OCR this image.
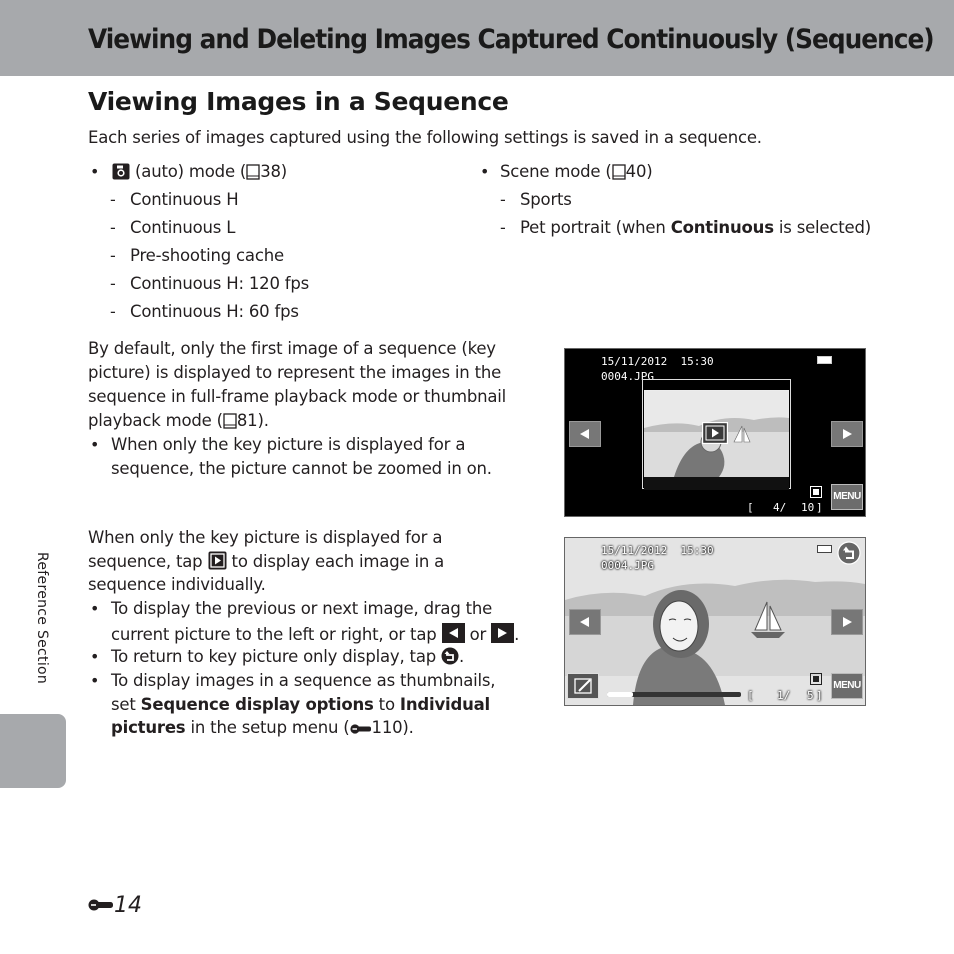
Viewing and Deleting Images Captured Continuously (Sequence)
Viewing Images in a Sequence
Each series of images captured using the following settings is saved in a sequence.
•	(auto) mode ( 38)
- Continuous H
- Continuous L
- Pre-shooting cache
- Continuous H: 120 fps
- Continuous H: 60 fps
• Scene mode ( 40)
- Sports
- Pet portrait (when Continuous is selected)
By default, only the first image of a sequence (key
picture) is displayed to represent the images in the
sequence in full-frame playback mode or thumbnail
playback mode ( 81).
• When only the key picture is displayed for a
sequence, the picture cannot be zoomed in on.
When only the key picture is displayed for a
sequence, tap  to display each image in a
sequence individually.
• To display the previous or next image, drag the
current picture to the left or right, or tap  or .
• To return to key picture only display, tap .
• To display images in a sequence as thumbnails,
set Sequence display options to Individual
pictures in the setup menu ( 110).
15/11/2012  15:30
0004.JPG
MENU
[ 4/ 10 ]
15/11/2012  15:30
0004.JPG
MENU
[ 1/ 5 ]
Reference Section
14
